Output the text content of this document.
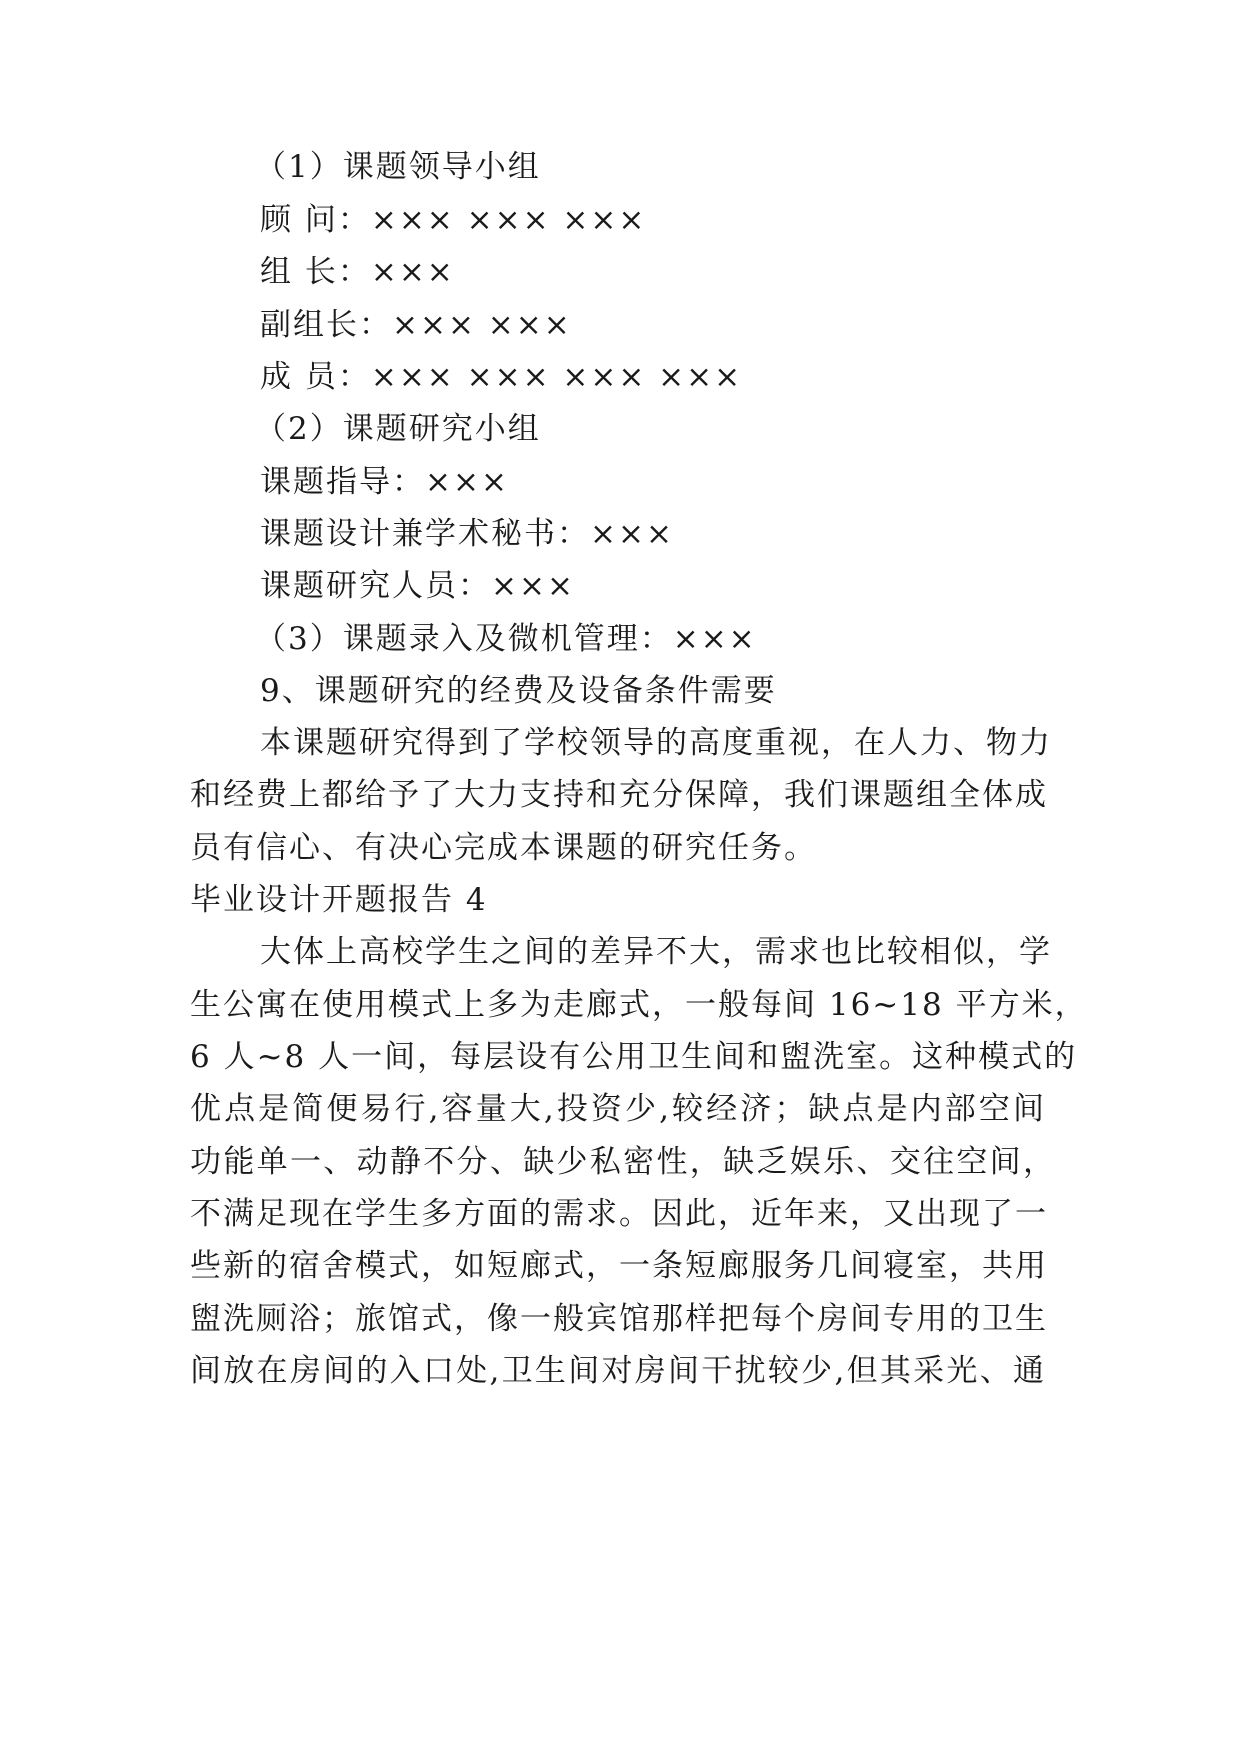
（1）课题领导小组
顾 问：××× ××× ×××
组 长：×××
副组长：××× ×××
成 员：××× ××× ××× ×××
（2）课题研究小组
课题指导：×××
课题设计兼学术秘书：×××
课题研究人员：×××
（3）课题录入及微机管理：×××
9、课题研究的经费及设备条件需要
本课题研究得到了学校领导的高度重视，在人力、物力
和经费上都给予了大力支持和充分保障，我们课题组全体成
员有信心、有决心完成本课题的研究任务。
毕业设计开题报告 4
大体上高校学生之间的差异不大，需求也比较相似，学
生公寓在使用模式上多为走廊式，一般每间 16~18 平方米，
6 人~8 人一间，每层设有公用卫生间和盥洗室。这种模式的
优点是简便易行,容量大,投资少,较经济；缺点是内部空间
功能单一、动静不分、缺少私密性，缺乏娱乐、交往空间，
不满足现在学生多方面的需求。因此，近年来，又出现了一
些新的宿舍模式，如短廊式，一条短廊服务几间寝室，共用
盥洗厕浴；旅馆式，像一般宾馆那样把每个房间专用的卫生
间放在房间的入口处,卫生间对房间干扰较少,但其采光、通
